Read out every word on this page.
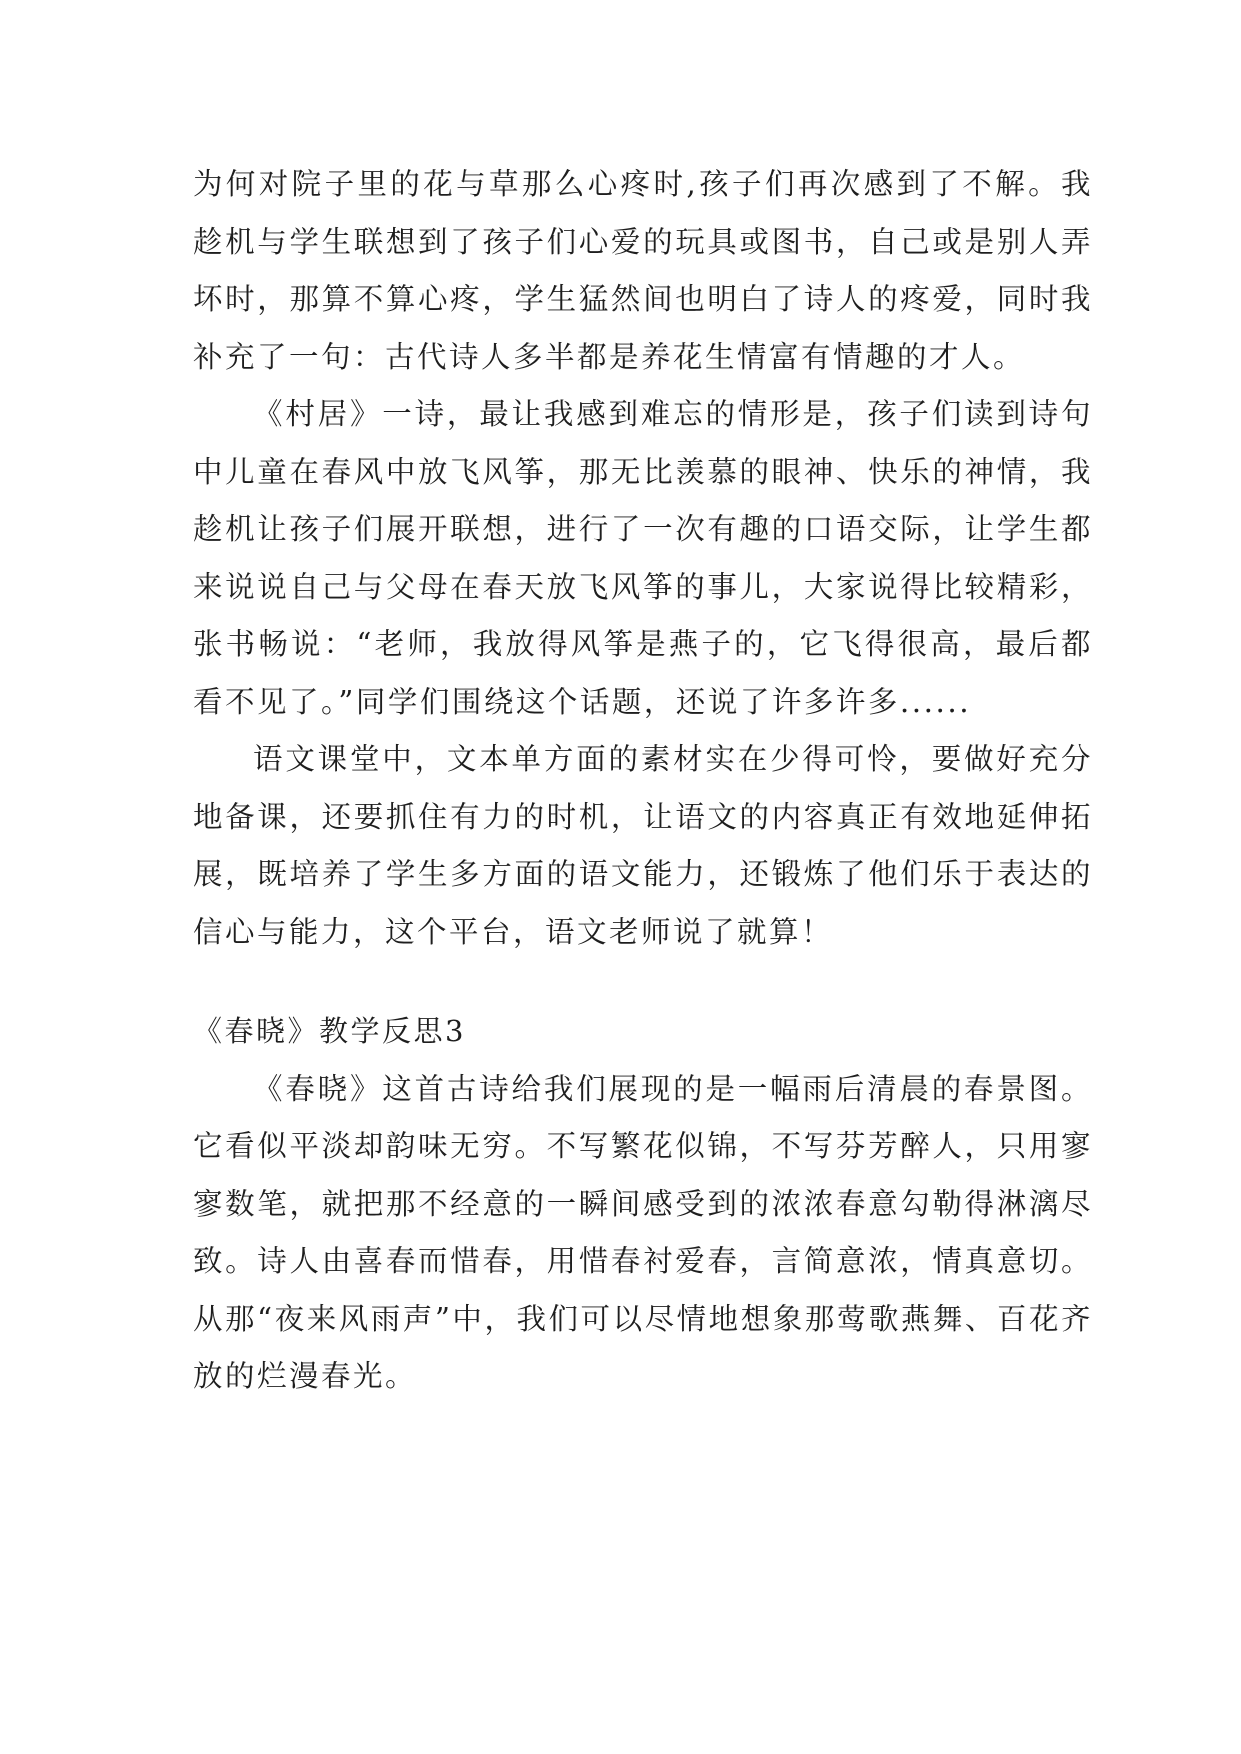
为何对院子里的花与草那么心疼时,孩子们再次感到了不解。我趁机与学生联想到了孩子们心爱的玩具或图书，自己或是别人弄坏时，那算不算心疼，学生猛然间也明白了诗人的疼爱，同时我补充了一句：古代诗人多半都是养花生情富有情趣的才人。

《村居》一诗，最让我感到难忘的情形是，孩子们读到诗句中儿童在春风中放飞风筝，那无比羡慕的眼神、快乐的神情，我趁机让孩子们展开联想，进行了一次有趣的口语交际，让学生都来说说自己与父母在春天放飞风筝的事儿，大家说得比较精彩，张书畅说：“老师，我放得风筝是燕子的，它飞得很高，最后都看不见了。”同学们围绕这个话题，还说了许多许多......

语文课堂中，文本单方面的素材实在少得可怜，要做好充分地备课，还要抓住有力的时机，让语文的内容真正有效地延伸拓展，既培养了学生多方面的语文能力，还锻炼了他们乐于表达的信心与能力，这个平台，语文老师说了就算！

《春晓》教学反思3

《春晓》这首古诗给我们展现的是一幅雨后清晨的春景图。它看似平淡却韵味无穷。不写繁花似锦，不写芬芳醉人，只用寥寥数笔，就把那不经意的一瞬间感受到的浓浓春意勾勒得淋漓尽致。诗人由喜春而惜春，用惜春衬爱春，言简意浓，情真意切。从那“夜来风雨声”中，我们可以尽情地想象那莺歌燕舞、百花齐放的烂漫春光。
